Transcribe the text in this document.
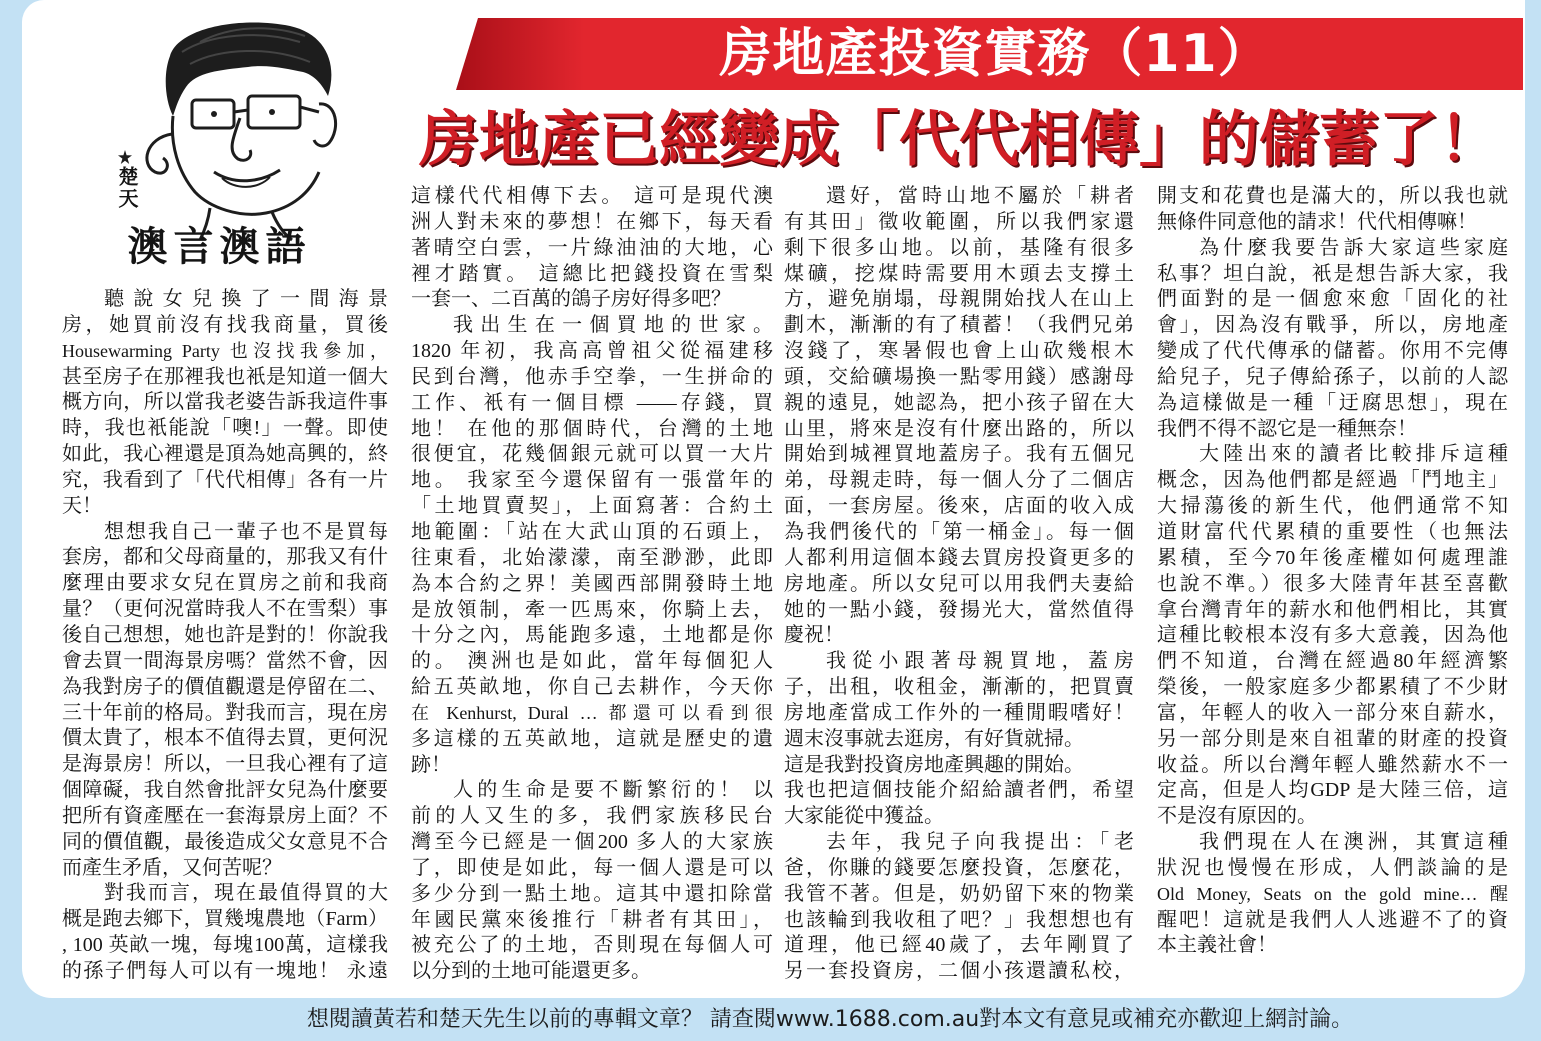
楚天
澳言澳語
房地產投資實務（11）
房地產已經變成「代代相傳」的儲蓄了！
聽說女兒換了一間海景
房，她買前沒有找我商量，買後
Housewarming Party 也沒找我參加，
甚至房子在那裡我也衹是知道一個大
概方向，所以當我老婆告訴我這件事
時，我也衹能說「噢!」一聲。即使
如此，我心裡還是頂為她高興的，終
究，我看到了「代代相傳」各有一片
天！
想想我自己一輩子也不是買每
套房，都和父母商量的，那我又有什
麼理由要求女兒在買房之前和我商
量？（更何況當時我人不在雪梨）事
後自己想想，她也許是對的！你說我
會去買一間海景房嗎？當然不會，因
為我對房子的價值觀還是停留在二、
三十年前的格局。對我而言，現在房
價太貴了，根本不值得去買，更何況
是海景房！所以，一旦我心裡有了這
個障礙，我自然會批評女兒為什麼要
把所有資產壓在一套海景房上面？不
同的價值觀，最後造成父女意見不合
而產生矛盾，又何苦呢？
對我而言，現在最值得買的大
概是跑去鄉下，買幾塊農地（Farm）
, 100 英畝一塊，每塊100萬，這樣我
的孫子們每人可以有一塊地！ 永遠
這樣代代相傳下去。 這可是現代澳
洲人對未來的夢想！在鄉下，每天看
著晴空白雲，一片綠油油的大地，心
裡才踏實。 這總比把錢投資在雪梨
一套一、二百萬的鴿子房好得多吧？
我出生在一個買地的世家。
1820 年初，我高高曾祖父從福建移
民到台灣，他赤手空拳，一生拼命的
工作、衹有一個目標 ——存錢，買
地！ 在他的那個時代，台灣的土地
很便宜，花幾個銀元就可以買一大片
地。 我家至今還保留有一張當年的
「土地買賣契」，上面寫著：合約土
地範圍：「站在大武山頂的石頭上，
往東看，北始濛濛，南至渺渺，此即
為本合約之界！美國西部開發時土地
是放領制，牽一匹馬來，你騎上去，
十分之內，馬能跑多遠，土地都是你
的。 澳洲也是如此，當年每個犯人
給五英畝地，你自己去耕作，今天你
在 Kenhurst, Dural … 都還可以看到很
多這樣的五英畝地，這就是歷史的遺
跡！
人的生命是要不斷繁衍的！ 以
前的人又生的多，我們家族移民台
灣至今已經是一個200 多人的大家族
了，即使是如此，每一個人還是可以
多少分到一點土地。這其中還扣除當
年國民黨來後推行「耕者有其田」，
被充公了的土地，否則現在每個人可
以分到的土地可能還更多。
還好，當時山地不屬於「耕者
有其田」徵收範圍，所以我們家還
剩下很多山地。以前，基隆有很多
煤礦，挖煤時需要用木頭去支撐土
方，避免崩塌，母親開始找人在山上
劃木，漸漸的有了積蓄！（我們兄弟
沒錢了，寒暑假也會上山砍幾根木
頭，交給礦場換一點零用錢）感謝母
親的遠見，她認為，把小孩子留在大
山里，將來是沒有什麼出路的，所以
開始到城裡買地蓋房子。我有五個兄
弟，母親走時，每一個人分了二個店
面，一套房屋。後來，店面的收入成
為我們後代的「第一桶金」。每一個
人都利用這個本錢去買房投資更多的
房地產。所以女兒可以用我們夫妻給
她的一點小錢，發揚光大，當然值得
慶祝！
我從小跟著母親買地，蓋房
子，出租，收租金，漸漸的，把買賣
房地產當成工作外的一種閒暇嗜好！
週末沒事就去逛房，有好貨就掃。
這是我對投資房地產興趣的開始。
我也把這個技能介紹給讀者們，希望
大家能從中獲益。
去年，我兒子向我提出：「老
爸，你賺的錢要怎麼投資，怎麼花，
我管不著。但是，奶奶留下來的物業
也該輪到我收租了吧？」我想想也有
道理，他已經40歲了，去年剛買了
另一套投資房，二個小孩還讀私校，
開支和花費也是滿大的，所以我也就
無條件同意他的請求！代代相傳嘛！
為什麼我要告訴大家這些家庭
私事？坦白說，衹是想告訴大家，我
們面對的是一個愈來愈「固化的社
會」，因為沒有戰爭，所以，房地產
變成了代代傳承的儲蓄。你用不完傳
給兒子，兒子傳給孫子，以前的人認
為這樣做是一種「迂腐思想」，現在
我們不得不認它是一種無奈！
大陸出來的讀者比較排斥這種
概念，因為他們都是經過「鬥地主」
大掃蕩後的新生代，他們通常不知
道財富代代累積的重要性（也無法
累積，至今70年後產權如何處理誰
也說不準。）很多大陸青年甚至喜歡
拿台灣青年的薪水和他們相比，其實
這種比較根本沒有多大意義，因為他
們不知道，台灣在經過80年經濟繁
榮後，一般家庭多少都累積了不少財
富，年輕人的收入一部分來自薪水，
另一部分則是來自祖輩的財產的投資
收益。所以台灣年輕人雖然薪水不一
定高，但是人均GDP 是大陸三倍，這
不是沒有原因的。
我們現在人在澳洲，其實這種
狀況也慢慢在形成，人們談論的是
Old Money, Seats on the gold mine… 醒
醒吧！這就是我們人人逃避不了的資
本主義社會！
想閱讀黃若和楚天先生以前的專輯文章？ 請查閱www.1688.com.au對本文有意見或補充亦歡迎上網討論。
